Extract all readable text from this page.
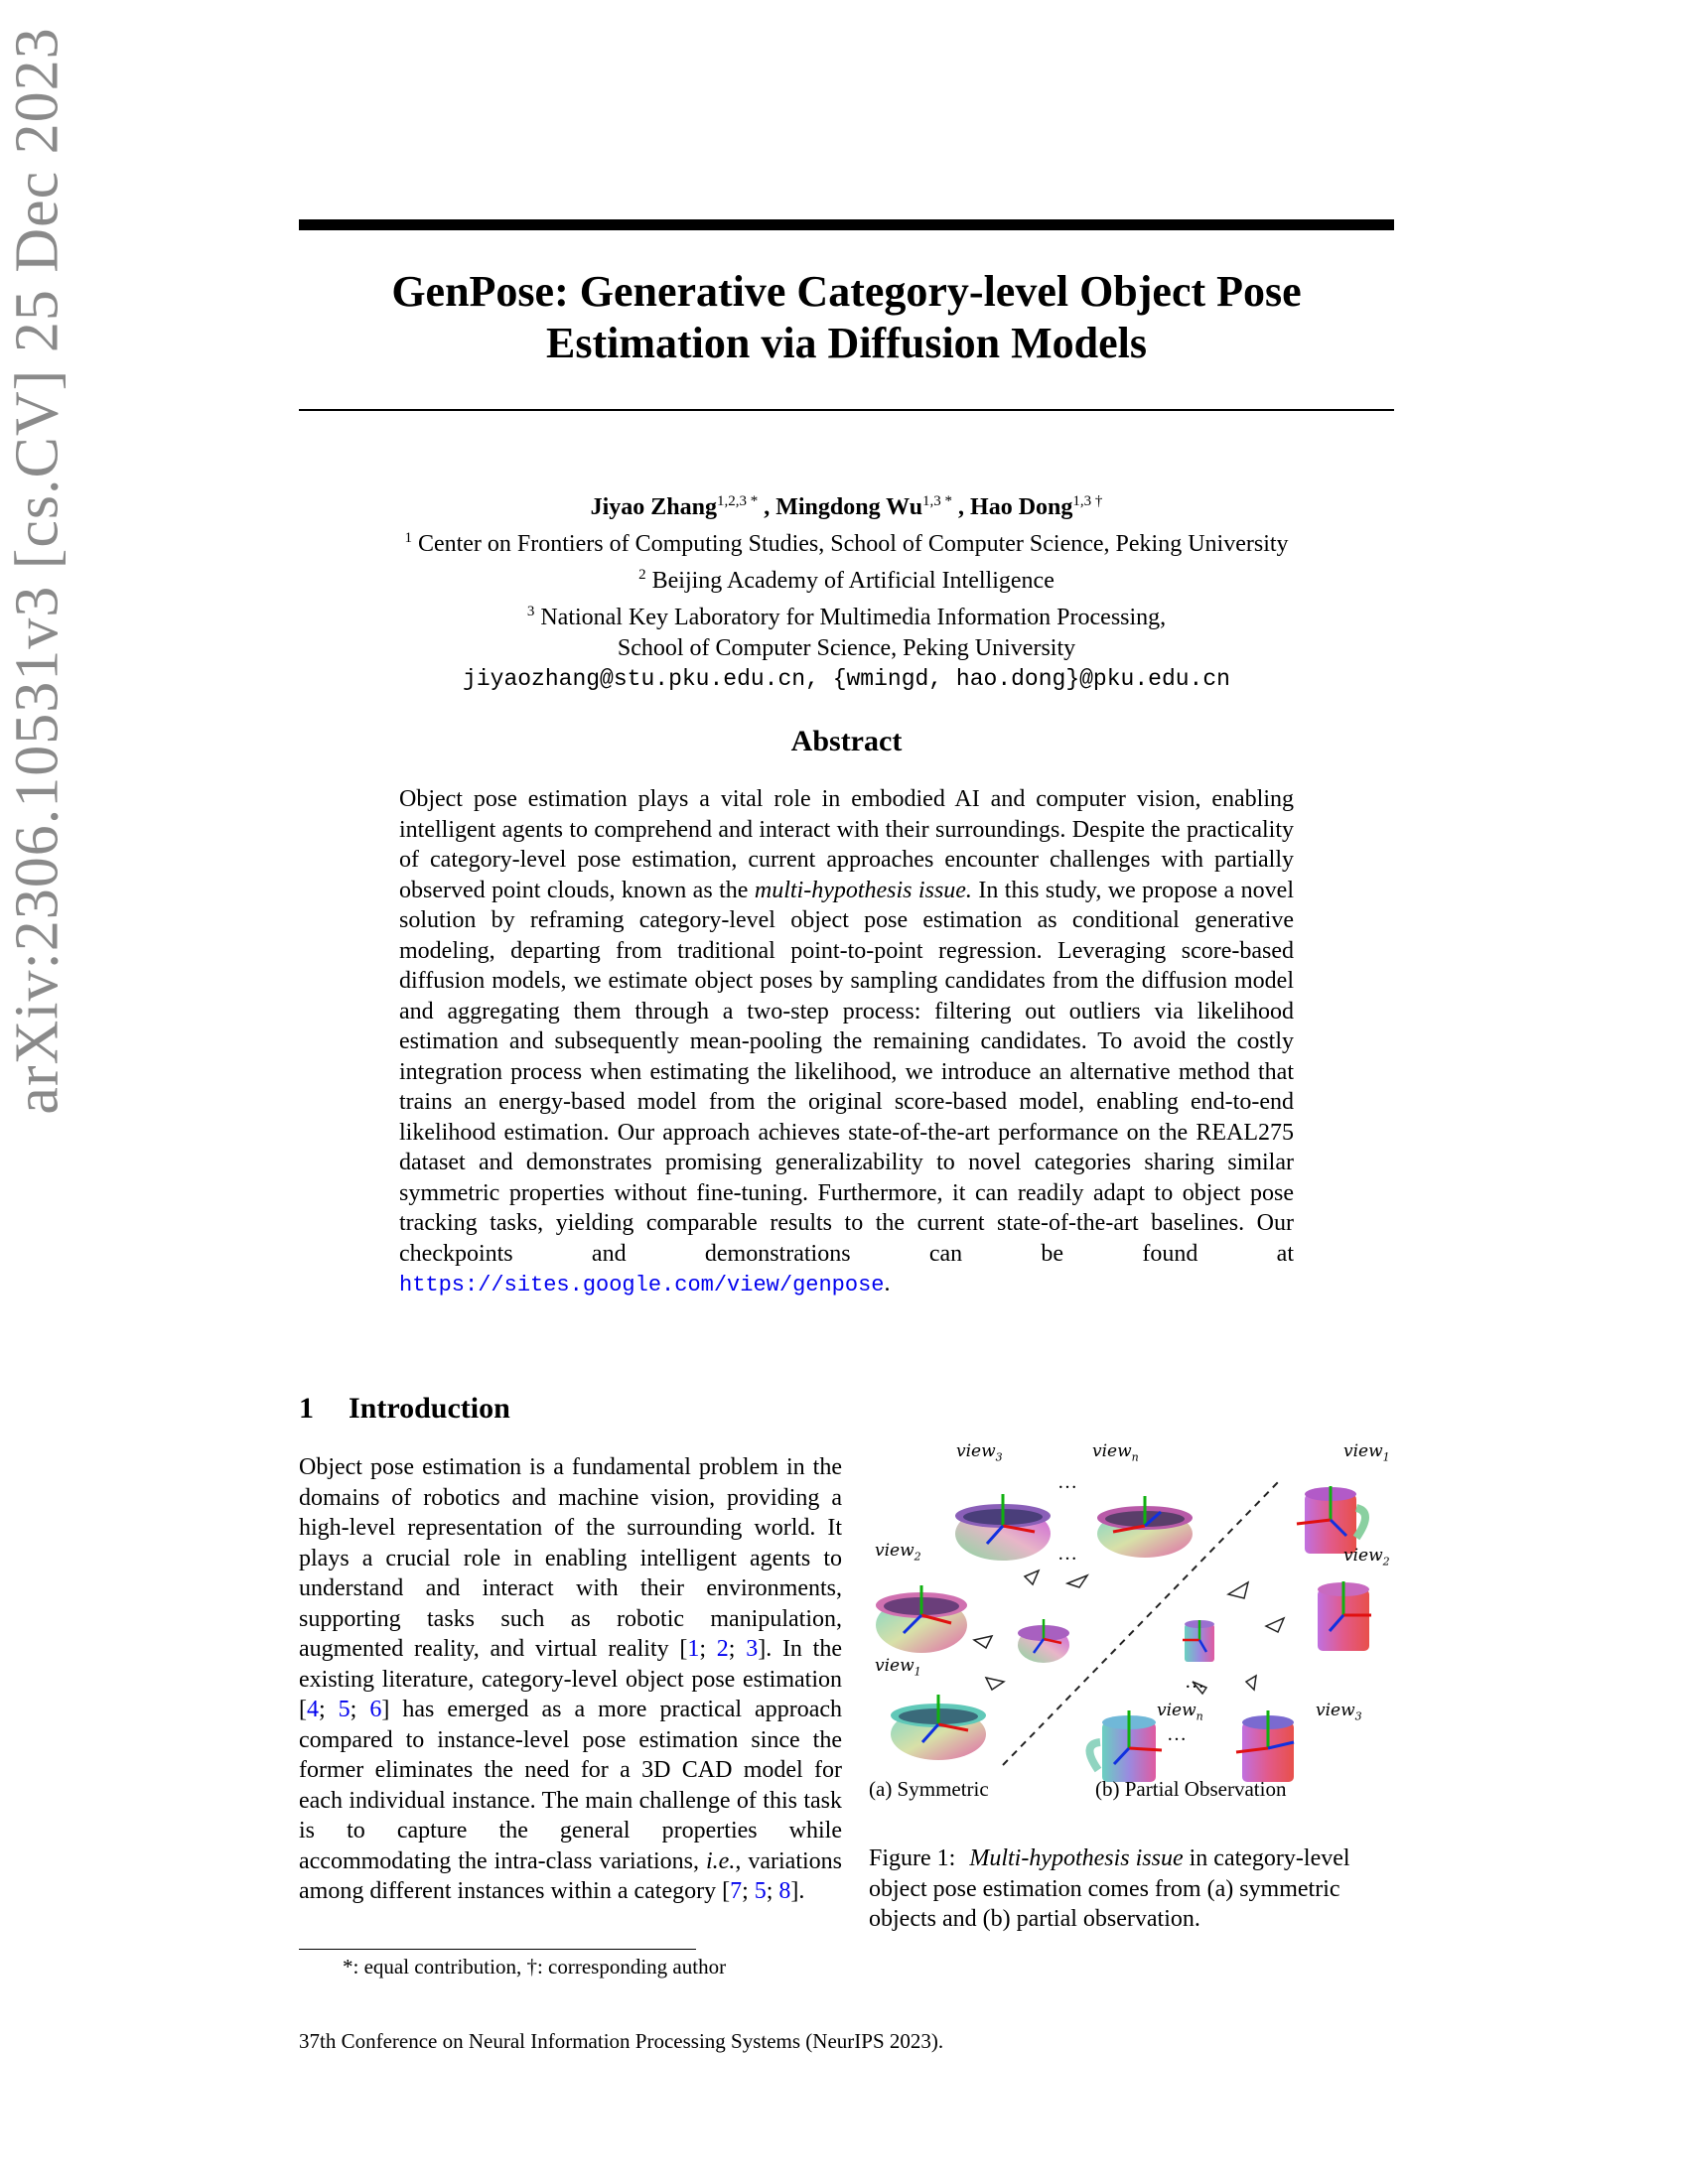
arXiv:2306.10531v3 [cs.CV] 25 Dec 2023	GenPose: Generative Category-level Object Pose
Estimation via Diffusion Models
Jiyao Zhang$^{1,2,3 *}$ , Mingdong $Wu^{1,3 *}$ , Hao Dong$^{1,3 \dagger}$
$^1$ Center on Frontiers of Computing Studies, School of Computer Science, Peking University
$^2$ Beijing Academy of Artificial Intelligence
$^3$ National Key Laboratory for Multimedia Information Processing,
School of Computer Science, Peking University
jiyaozhang@stu.pku.edu.cn, {wmingd, hao.dong}@pku.edu.cn
Abstract
Object pose estimation plays a vital role in embodied AI and computer vision, enabling intelligent agents to comprehend and interact with their surroundings. Despite the practicality of category-level pose estimation, current approaches encounter challenges with partially observed point clouds, known as the multi-hypothesis issue. In this study, we propose a novel solution by reframing category-level object pose estimation as conditional generative modeling, departing from traditional point-to-point regression. Leveraging score-based diffusion models, we estimate object poses by sampling candidates from the diffusion model and aggregating them through a two-step process: filtering out outliers via likelihood estimation and subsequently mean-pooling the remaining candidates. To avoid the costly integration process when estimating the likelihood, we introduce an alternative method that trains an energy-based model from the original score-based model, enabling end-to-end likelihood estimation. Our approach achieves state-of-the-art performance on the REAL275 dataset and demonstrates promising generalizability to novel categories sharing similar symmetric properties without fine-tuning. Furthermore, it can readily adapt to object pose tracking tasks, yielding comparable results to the current state-of-the-art baselines. Our checkpoints and demonstrations can be found at https://sites.google.com/view/genpose.
1 Introduction
Object pose estimation is a fundamental problem in the domains of robotics and machine vision, providing a high-level representation of the surrounding world. It plays a crucial role in enabling intelligent agents to understand and interact with their environments, supporting tasks such as robotic manipulation, augmented reality, and virtual reality [1; 2; 3]. In the existing literature, category-level object pose estimation [4; 5; 6] has emerged as a more practical approach compared to instance-level pose estimation since the former eliminates the need for a 3D CAD model for each individual instance. The main challenge of this task is to capture the general properties while accommodating the intra-class variations, i.e., variations among different instances within a category [7; 5; 8].
view$_3$	view$_n$
…
view$_2$	…
view$_1$
view$_1$
view$_2$
…
view$_n$	view$_3$
…
(a) Symmetric	(b) Partial Observation
Figure 1: Multi-hypothesis issue in category-level object pose estimation comes from (a) symmetric objects and (b) partial observation.
*: equal contribution, †: corresponding author
37th Conference on Neural Information Processing Systems (NeurIPS 2023).
